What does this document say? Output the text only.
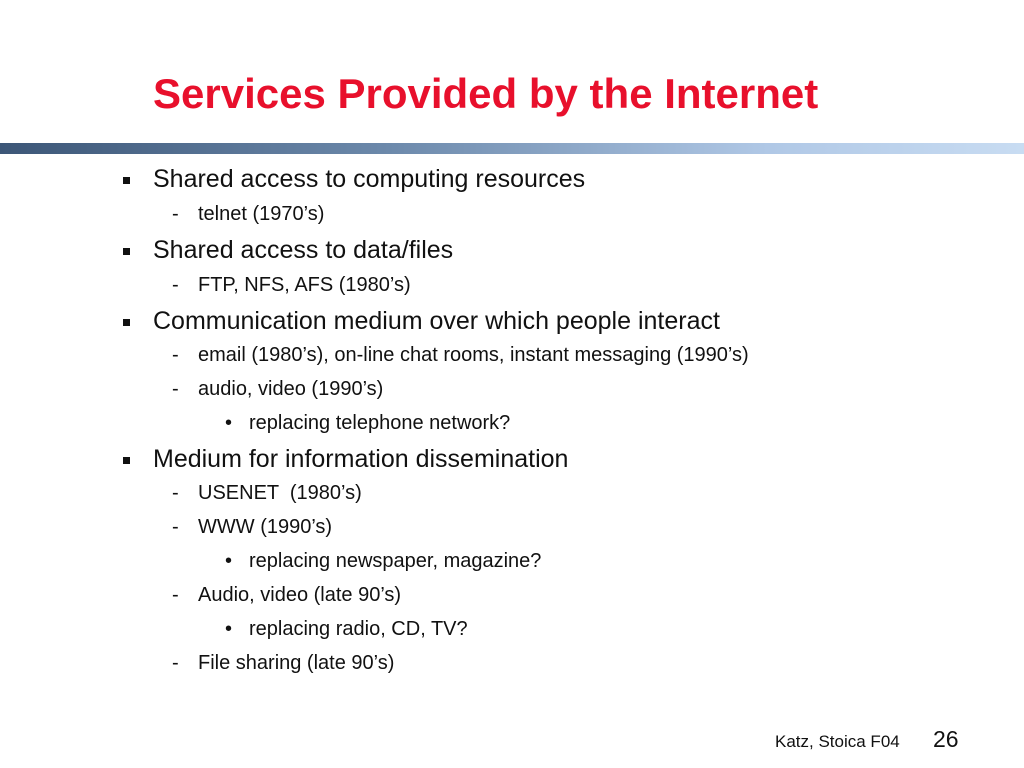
Services Provided by the Internet
Shared access to computing resources
- telnet (1970’s)
Shared access to data/files
- FTP, NFS, AFS (1980’s)
Communication medium over which people interact
- email (1980’s), on-line chat rooms, instant messaging (1990’s)
- audio, video (1990’s)
• replacing telephone network?
Medium for information dissemination
- USENET  (1980’s)
- WWW (1990’s)
• replacing newspaper, magazine?
- Audio, video (late 90’s)
• replacing radio, CD, TV?
- File sharing (late 90’s)
Katz, Stoica F04 26
